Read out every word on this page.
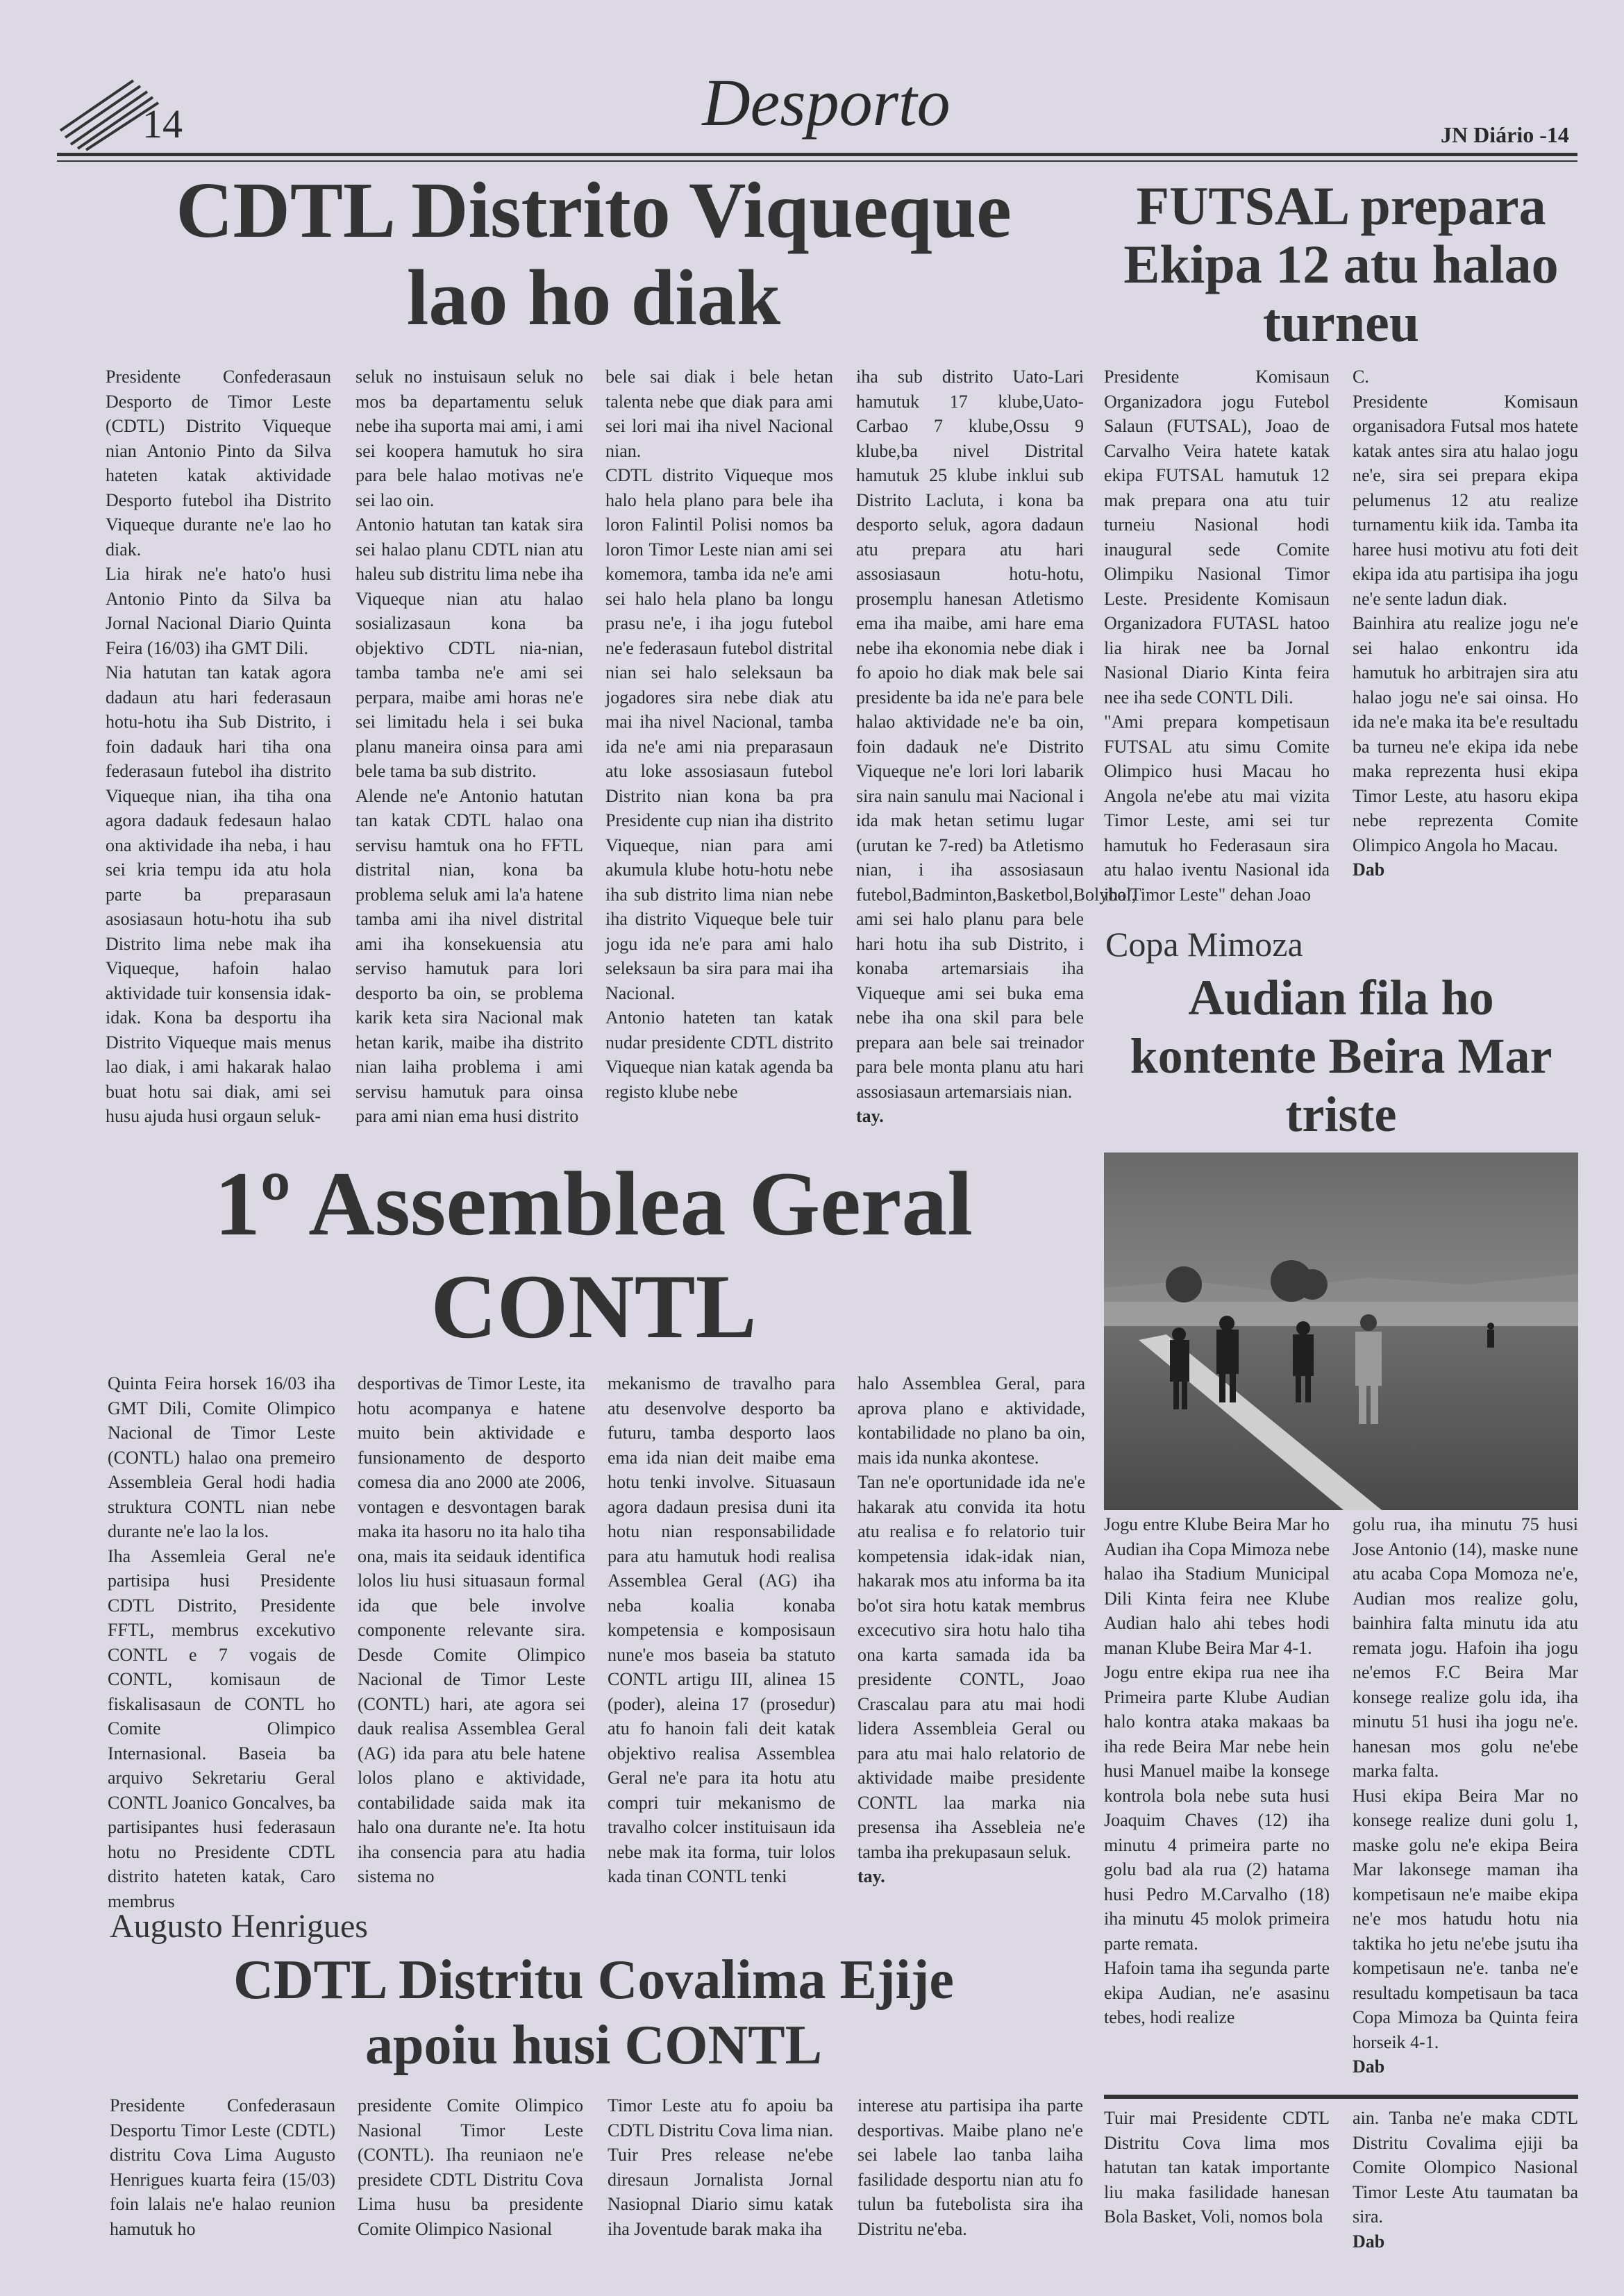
14	Desporto	JN Diário -14
CDTL Distrito Viqueque
lao ho diak

Presidente Confederasaun Desporto de Timor Leste (CDTL) Distrito Viqueque nian Antonio Pinto da Silva hateten katak aktividade Desporto futebol iha Distrito Viqueque durante ne'e lao ho diak.

Lia hirak ne'e hato'o husi Antonio Pinto da Silva ba Jornal Nacional Diario Quinta Feira (16/03) iha GMT Dili.

Nia hatutan tan katak agora dadaun atu hari federasaun hotu-hotu iha Sub Distrito, i foin dadauk hari tiha ona federasaun futebol iha distrito Viqueque nian, iha tiha ona agora dadauk fedesaun halao ona aktividade iha neba, i hau sei kria tempu ida atu hola parte ba preparasaun asosiasaun hotu-hotu iha sub Distrito lima nebe mak iha Viqueque, hafoin halao aktividade tuir konsensia idak-idak. Kona ba desportu iha Distrito Viqueque mais menus lao diak, i ami hakarak halao buat hotu sai diak, ami sei husu ajuda husi orgaun seluk-

seluk no instuisaun seluk no mos ba departamentu seluk nebe iha suporta mai ami, i ami sei koopera hamutuk ho sira para bele halao motivas ne'e sei lao oin.

Antonio hatutan tan katak sira sei halao planu CDTL nian atu haleu sub distritu lima nebe iha Viqueque nian atu halao sosializasaun kona ba objektivo CDTL nia-nian, tamba tamba ne'e ami sei perpara, maibe ami horas ne'e sei limitadu hela i sei buka planu maneira oinsa para ami bele tama ba sub distrito.

Alende ne'e Antonio hatutan tan katak CDTL halao ona servisu hamtuk ona ho FFTL distrital nian, kona ba problema seluk ami la'a hatene tamba ami iha nivel distrital ami iha konsekuensia atu serviso hamutuk para lori desporto ba oin, se problema karik keta sira Nacional mak hetan karik, maibe iha distrito nian laiha problema i ami servisu hamutuk para oinsa para ami nian ema husi distrito

bele sai diak i bele hetan talenta nebe que diak para ami sei lori mai iha nivel Nacional nian.

CDTL distrito Viqueque mos halo hela plano para bele iha loron Falintil Polisi nomos ba loron Timor Leste nian ami sei komemora, tamba ida ne'e ami sei halo hela plano ba longu prasu ne'e, i iha jogu futebol ne'e federasaun futebol distrital nian sei halo seleksaun ba jogadores sira nebe diak atu mai iha nivel Nacional, tamba ida ne'e ami nia preparasaun atu loke assosiasaun futebol Distrito nian kona ba pra Presidente cup nian iha distrito Viqueque, nian para ami akumula klube hotu-hotu nebe iha sub distrito lima nian nebe iha distrito Viqueque bele tuir jogu ida ne'e para ami halo seleksaun ba sira para mai iha Nacional.

Antonio hateten tan katak nudar presidente CDTL distrito Viqueque nian katak agenda ba registo klube nebe

iha sub distrito Uato-Lari hamutuk 17 klube,Uato-Carbao 7 klube,Ossu 9 klube,ba nivel Distrital hamutuk 25 klube inklui sub Distrito Lacluta, i kona ba desporto seluk, agora dadaun atu prepara atu hari assosiasaun hotu-hotu, prosemplu hanesan Atletismo ema iha maibe, ami hare ema nebe iha ekonomia nebe diak i fo apoio ho diak mak bele sai presidente ba ida ne'e para bele halao aktividade ne'e ba oin, foin dadauk ne'e Distrito Viqueque ne'e lori lori labarik sira nain sanulu mai Nacional i ida mak hetan setimu lugar (urutan ke 7-red) ba Atletismo nian, i iha assosiasaun futebol,Badminton,Basketbol,Bolybol, ami sei halo planu para bele hari hotu iha sub Distrito, i konaba artemarsiais iha Viqueque ami sei buka ema nebe iha ona skil para bele prepara aan bele sai treinador para bele monta planu atu hari assosiasaun artemarsiais nian.

tay.

FUTSAL prepara
Ekipa 12 atu halao
turneu

Presidente Komisaun Organizadora jogu Futebol Salaun (FUTSAL), Joao de Carvalho Veira hatete katak ekipa FUTSAL hamutuk 12 mak prepara ona atu tuir turneiu Nasional hodi inaugural sede Comite Olimpiku Nasional Timor Leste. Presidente Komisaun Organizadora FUTASL hatoo lia hirak nee ba Jornal Nasional Diario Kinta feira nee iha sede CONTL Dili.

"Ami prepara kompetisaun FUTSAL atu simu Comite Olimpico husi Macau ho Angola ne'ebe atu mai vizita Timor Leste, ami sei tur hamutuk ho Federasaun sira atu halao iventu Nasional ida iha Timor Leste" dehan Joao

C.

Presidente Komisaun organisadora Futsal mos hatete katak antes sira atu halao jogu ne'e, sira sei prepara ekipa pelumenus 12 atu realize turnamentu kiik ida. Tamba ita haree husi motivu atu foti deit ekipa ida atu partisipa iha jogu ne'e sente ladun diak.

Bainhira atu realize jogu ne'e sei halao enkontru ida hamutuk ho arbitrajen sira atu halao jogu ne'e sai oinsa. Ho ida ne'e maka ita be'e resultadu ba turneu ne'e ekipa ida nebe maka reprezenta husi ekipa Timor Leste, atu hasoru ekipa nebe reprezenta Comite Olimpico Angola ho Macau.

Dab

Copa Mimoza
Audian fila ho
kontente Beira Mar
triste

Jogu entre Klube Beira Mar ho Audian iha Copa Mimoza nebe halao iha Stadium Municipal Dili Kinta feira nee Klube Audian halo ahi tebes hodi manan Klube Beira Mar 4-1.

Jogu entre ekipa rua nee iha Primeira parte Klube Audian halo kontra ataka makaas ba iha rede Beira Mar nebe hein husi Manuel maibe la konsege kontrola bola nebe suta husi Joaquim Chaves (12) iha minutu 4 primeira parte no golu bad ala rua (2) hatama husi Pedro M.Carvalho (18) iha minutu 45 molok primeira parte remata.

Hafoin tama iha segunda parte ekipa Audian, ne'e asasinu tebes, hodi realize

golu rua, iha minutu 75 husi Jose Antonio (14), maske nune atu acaba Copa Momoza ne'e, Audian mos realize golu, bainhira falta minutu ida atu remata jogu. Hafoin iha jogu ne'emos F.C Beira Mar konsege realize golu ida, iha minutu 51 husi iha jogu ne'e. hanesan mos golu ne'ebe marka falta.

Husi ekipa Beira Mar no konsege realize duni golu 1, maske golu ne'e ekipa Beira Mar lakonsege maman iha kompetisaun ne'e maibe ekipa ne'e mos hatudu hotu nia taktika ho jetu ne'ebe jsutu iha kompetisaun ne'e. tanba ne'e resultadu kompetisaun ba taca Copa Mimoza ba Quinta feira horseik 4-1.

Dab

1º Assemblea Geral
CONTL

Quinta Feira horsek 16/03 iha GMT Dili, Comite Olimpico Nacional de Timor Leste (CONTL) halao ona premeiro Assembleia Geral hodi hadia struktura CONTL nian nebe durante ne'e lao la los.

Iha Assemleia Geral ne'e partisipa husi Presidente CDTL Distrito, Presidente FFTL, membrus excekutivo CONTL e 7 vogais de CONTL, komisaun de fiskalisasaun de CONTL ho Comite Olimpico Internasional. Baseia ba arquivo Sekretariu Geral CONTL Joanico Goncalves, ba partisipantes husi federasaun hotu no Presidente CDTL distrito hateten katak, Caro membrus

desportivas de Timor Leste, ita hotu acompanya e hatene muito bein aktividade e funsionamento de desporto comesa dia ano 2000 ate 2006, vontagen e desvontagen barak maka ita hasoru no ita halo tiha ona, mais ita seidauk identifica lolos liu husi situasaun formal ida que bele involve componente relevante sira. Desde Comite Olimpico Nacional de Timor Leste (CONTL) hari, ate agora sei dauk realisa Assemblea Geral (AG) ida para atu bele hatene lolos plano e aktividade, contabilidade saida mak ita halo ona durante ne'e. Ita hotu iha consencia para atu hadia sistema no

mekanismo de travalho para atu desenvolve desporto ba futuru, tamba desporto laos ema ida nian deit maibe ema hotu tenki involve. Situasaun agora dadaun presisa duni ita hotu nian responsabilidade para atu hamutuk hodi realisa Assemblea Geral (AG) iha neba koalia konaba kompetensia e komposisaun nune'e mos baseia ba statuto CONTL artigu III, alinea 15 (poder), aleina 17 (prosedur) atu fo hanoin fali deit katak objektivo realisa Assemblea Geral ne'e para ita hotu atu compri tuir mekanismo de travalho colcer instituisaun ida nebe mak ita forma, tuir lolos kada tinan CONTL tenki

halo Assemblea Geral, para aprova plano e aktividade, kontabilidade no plano ba oin, mais ida nunka akontese.

Tan ne'e oportunidade ida ne'e hakarak atu convida ita hotu atu realisa e fo relatorio tuir kompetensia idak-idak nian, hakarak mos atu informa ba ita bo'ot sira hotu katak membrus excecutivo sira hotu halo tiha ona karta samada ida ba presidente CONTL, Joao Crascalau para atu mai hodi lidera Assembleia Geral ou para atu mai halo relatorio de aktividade maibe presidente CONTL laa marka nia presensa iha Assebleia ne'e tamba iha prekupasaun seluk.

tay.

Augusto Henrigues
CDTL Distritu Covalima Ejije
apoiu husi CONTL

Presidente Confederasaun Desportu Timor Leste (CDTL) distritu Cova Lima Augusto Henrigues kuarta feira (15/03) foin lalais ne'e halao reunion hamutuk ho

presidente Comite Olimpico Nasional Timor Leste (CONTL). Iha reuniaon ne'e presidete CDTL Distritu Cova Lima husu ba presidente Comite Olimpico Nasional

Timor Leste atu fo apoiu ba CDTL Distritu Cova lima nian. Tuir Pres release ne'ebe diresaun Jornalista Jornal Nasiopnal Diario simu katak iha Joventude barak maka iha

interese atu partisipa iha parte desportivas. Maibe plano ne'e sei labele lao tanba laiha fasilidade desportu nian atu fo tulun ba futebolista sira iha Distritu ne'eba.

Tuir mai Presidente CDTL Distritu Cova lima mos hatutan tan katak importante liu maka fasilidade hanesan Bola Basket, Voli, nomos bola

ain. Tanba ne'e maka CDTL Distritu Covalima ejiji ba Comite Olompico Nasional Timor Leste Atu taumatan ba sira.

Dab
